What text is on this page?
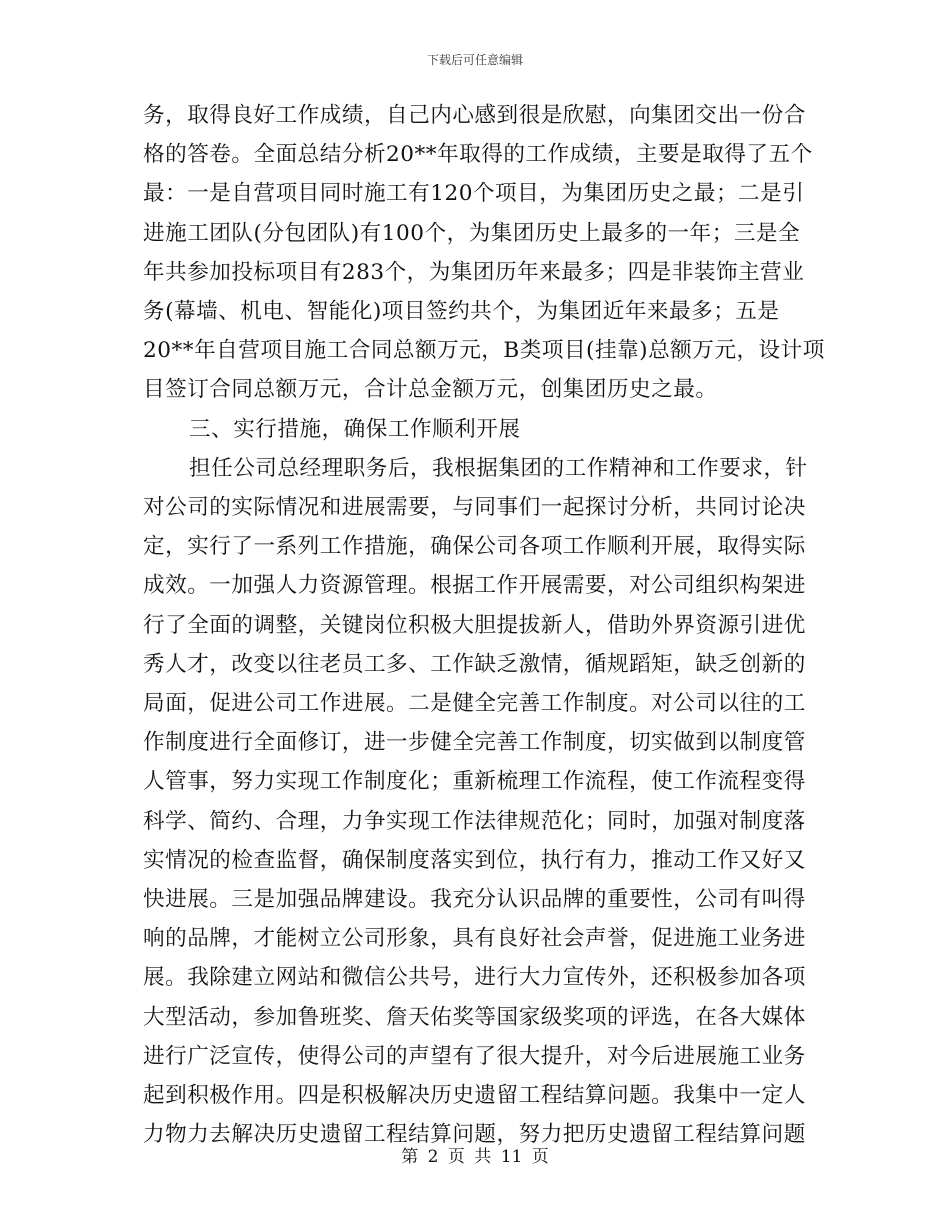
下载后可任意编辑
务，取得良好工作成绩，自己内心感到很是欣慰，向集团交出一份合
格的答卷。全面总结分析20**年取得的工作成绩，主要是取得了五个
最：一是自营项目同时施工有120个项目，为集团历史之最；二是引
进施工团队(分包团队)有100个，为集团历史上最多的一年；三是全
年共参加投标项目有283个，为集团历年来最多；四是非装饰主营业
务(幕墙、机电、智能化)项目签约共个，为集团近年来最多；五是
20**年自营项目施工合同总额万元，B类项目(挂靠)总额万元，设计项
目签订合同总额万元，合计总金额万元，创集团历史之最。
三、实行措施，确保工作顺利开展
担任公司总经理职务后，我根据集团的工作精神和工作要求，针
对公司的实际情况和进展需要，与同事们一起探讨分析，共同讨论决
定，实行了一系列工作措施，确保公司各项工作顺利开展，取得实际
成效。一加强人力资源管理。根据工作开展需要，对公司组织构架进
行了全面的调整，关键岗位积极大胆提拔新人，借助外界资源引进优
秀人才，改变以往老员工多、工作缺乏激情，循规蹈矩，缺乏创新的
局面，促进公司工作进展。二是健全完善工作制度。对公司以往的工
作制度进行全面修订，进一步健全完善工作制度，切实做到以制度管
人管事，努力实现工作制度化；重新梳理工作流程，使工作流程变得
科学、简约、合理，力争实现工作法律规范化；同时，加强对制度落
实情况的检查监督，确保制度落实到位，执行有力，推动工作又好又
快进展。三是加强品牌建设。我充分认识品牌的重要性，公司有叫得
响的品牌，才能树立公司形象，具有良好社会声誉，促进施工业务进
展。我除建立网站和微信公共号，进行大力宣传外，还积极参加各项
大型活动，参加鲁班奖、詹天佑奖等国家级奖项的评选，在各大媒体
进行广泛宣传，使得公司的声望有了很大提升，对今后进展施工业务
起到积极作用。四是积极解决历史遗留工程结算问题。我集中一定人
力物力去解决历史遗留工程结算问题，努力把历史遗留工程结算问题
第 2 页 共 11 页
